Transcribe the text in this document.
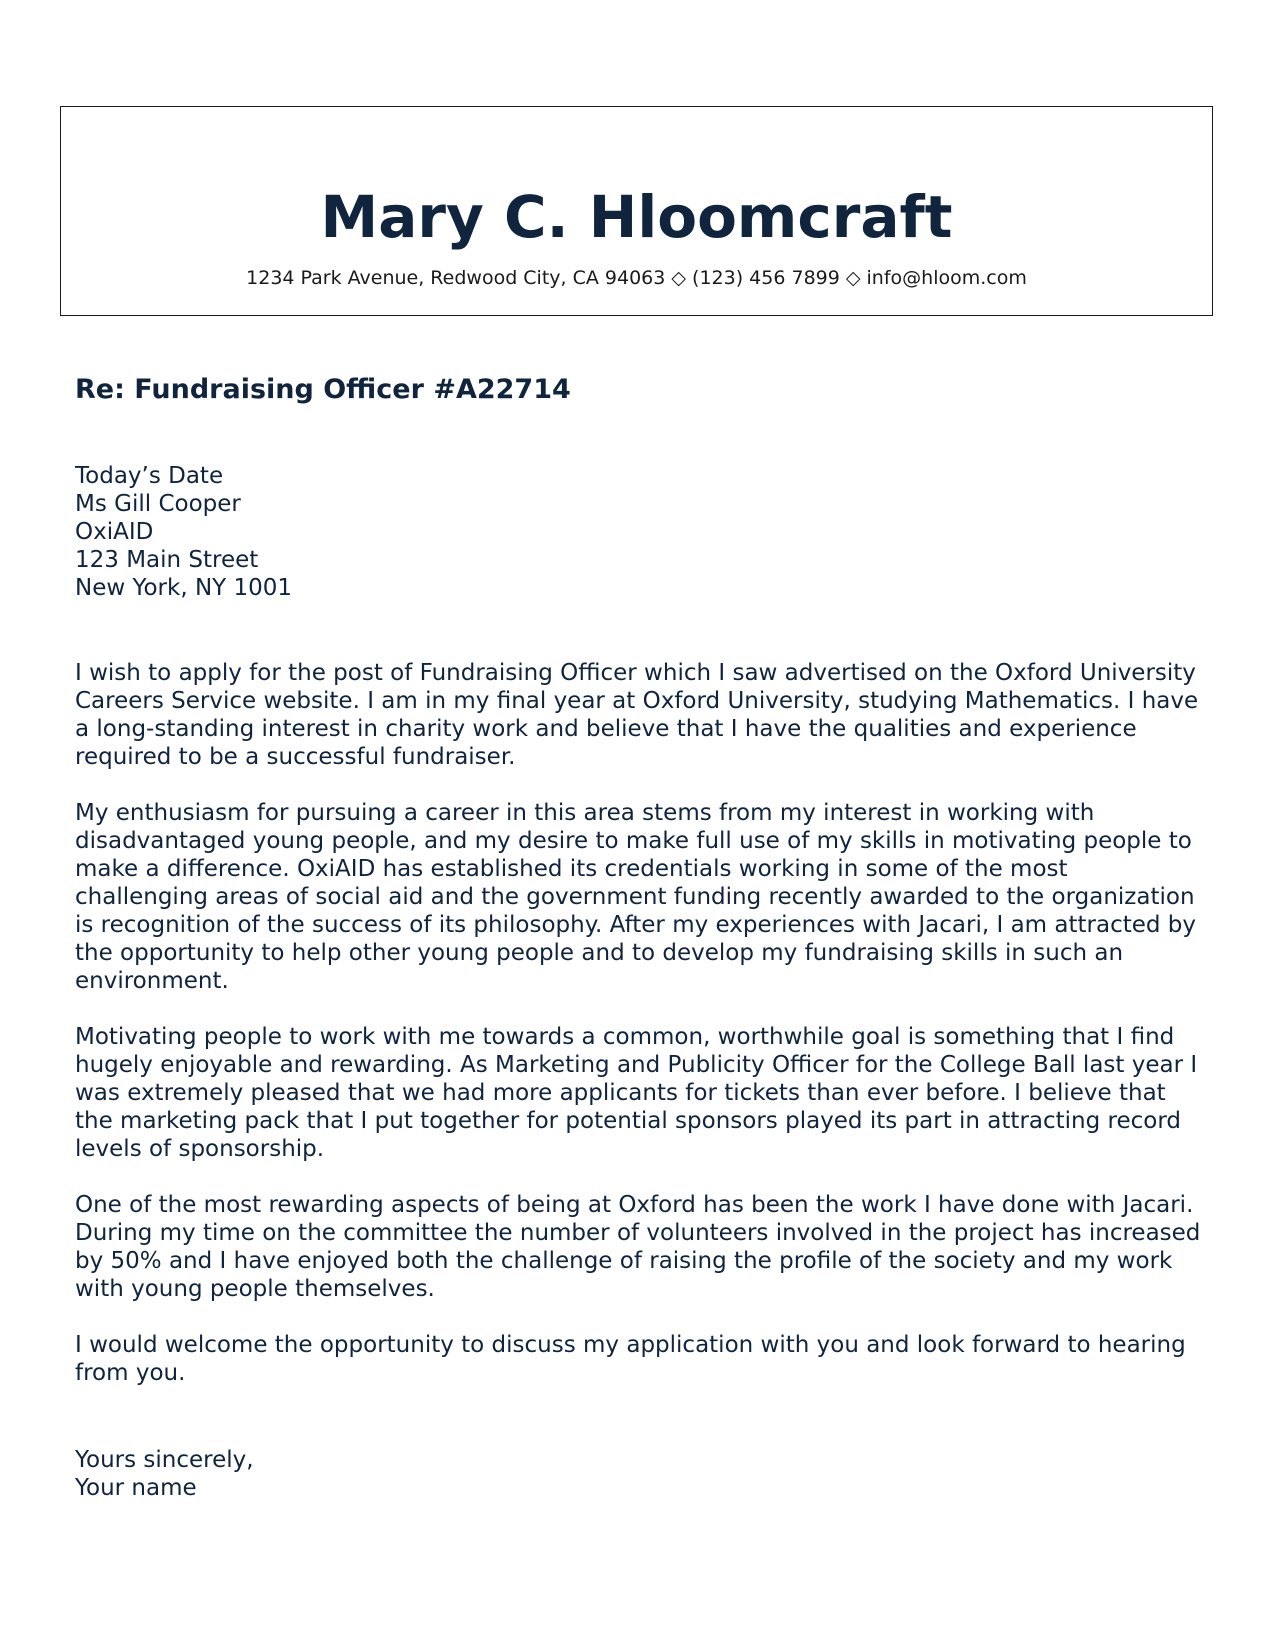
Mary C. Hloomcraft
1234 Park Avenue, Redwood City, CA 94063 ◇ (123) 456 7899 ◇ info@hloom.com
Re: Fundraising Officer #A22714
Today’s Date
Ms Gill Cooper
OxiAID
123 Main Street
New York, NY 1001

I wish to apply for the post of Fundraising Officer which I saw advertised on the Oxford University Careers Service website. I am in my final year at Oxford University, studying Mathematics. I have a long-standing interest in charity work and believe that I have the qualities and experience required to be a successful fundraiser.

My enthusiasm for pursuing a career in this area stems from my interest in working with disadvantaged young people, and my desire to make full use of my skills in motivating people to make a difference. OxiAID has established its credentials working in some of the most challenging areas of social aid and the government funding recently awarded to the organization is recognition of the success of its philosophy. After my experiences with Jacari, I am attracted by the opportunity to help other young people and to develop my fundraising skills in such an environment.

Motivating people to work with me towards a common, worthwhile goal is something that I find hugely enjoyable and rewarding. As Marketing and Publicity Officer for the College Ball last year I was extremely pleased that we had more applicants for tickets than ever before. I believe that the marketing pack that I put together for potential sponsors played its part in attracting record levels of sponsorship.

One of the most rewarding aspects of being at Oxford has been the work I have done with Jacari. During my time on the committee the number of volunteers involved in the project has increased by 50% and I have enjoyed both the challenge of raising the profile of the society and my work with young people themselves.

I would welcome the opportunity to discuss my application with you and look forward to hearing from you.

Yours sincerely,
Your name
